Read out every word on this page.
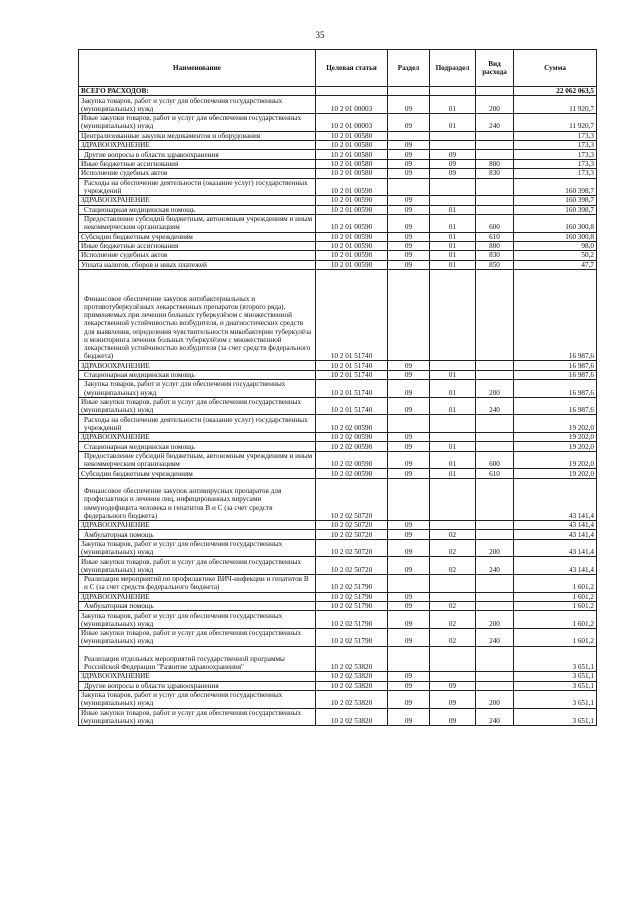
35
Наименование	Целевая статья	Раздел	Подраздел	Вид расхода	Сумма
ВСЕГО РАСХОДОВ:					22 062 063,5
Закупка товаров, работ и услуг для обеспечения государственных (муниципальных) нужд	10 2 01 00003	09	01	200	11 920,7
Иные закупки товаров, работ и услуг для обеспечения государственных (муниципальных) нужд	10 2 01 00003	09	01	240	11 920,7
Централизованные закупки медикаментов и оборудования	10 2 01 00580				173,3
ЗДРАВООХРАНЕНИЕ	10 2 01 00580	09			173,3
Другие вопросы в области здравоохранения	10 2 01 00580	09	09		173,3
Иные бюджетные ассигнования	10 2 01 00580	09	09	800	173,3
Исполнение судебных актов	10 2 01 00580	09	09	830	173,3
Расходы на обеспечение деятельности (оказание услуг) государственных учреждений	10 2 01 00590				160 398,7
ЗДРАВООХРАНЕНИЕ	10 2 01 00590	09			160 398,7
Стационарная медицинская помощь	10 2 01 00590	09	01		160 398,7
Предоставление субсидий бюджетным, автономным учреждениям и иным некоммерческим организациям	10 2 01 00590	09	01	600	160 300,8
Субсидии бюджетным учреждениям	10 2 01 00590	09	01	610	160 300,8
Иные бюджетные ассигнования	10 2 01 00590	09	01	800	98,0
Исполнение судебных актов	10 2 01 00590	09	01	830	50,2
Уплата налогов, сборов и иных платежей	10 2 01 00590	09	01	850	47,7
Финансовое обеспечение закупок антибактериальных и противотуберкулёзных лекарственных препаратов (второго ряда), применяемых при лечении больных туберкулёзом с множественной лекарственной устойчивостью возбудителя, и диагностических средств для выявления, определения чувствительности микобактерии туберкулёза и мониторинга лечения больных туберкулёзом с множественной лекарственной устойчивостью возбудителя (за счет средств федерального бюджета)	10 2 01 51740				16 987,6
ЗДРАВООХРАНЕНИЕ	10 2 01 51740	09			16 987,6
Стационарная медицинская помощь	10 2 01 51740	09	01		16 987,6
Закупка товаров, работ и услуг для обеспечения государственных (муниципальных) нужд	10 2 01 51740	09	01	200	16 987,6
Иные закупки товаров, работ и услуг для обеспечения государственных (муниципальных) нужд	10 2 01 51740	09	01	240	16 987,6
Расходы на обеспечение деятельности (оказание услуг) государственных учреждений	10 2 02 00590				19 202,0
ЗДРАВООХРАНЕНИЕ	10 2 02 00590	09			19 202,0
Стационарная медицинская помощь	10 2 02 00590	09	01		19 202,0
Предоставление субсидий бюджетным, автономным учреждениям и иным некоммерческим организациям	10 2 02 00590	09	01	600	19 202,0
Субсидии бюджетным учреждениям	10 2 02 00590	09	01	610	19 202,0
Финансовое обеспечение закупок антивирусных препаратов для профилактики и лечения лиц, инфицированных вирусами иммунодефицита человека и гепатитов В и С (за счет средств федерального бюджета)	10 2 02 50720				43 141,4
ЗДРАВООХРАНЕНИЕ	10 2 02 50720	09			43 141,4
Амбулаторная помощь	10 2 02 50720	09	02		43 141,4
Закупка товаров, работ и услуг для обеспечения государственных (муниципальных) нужд	10 2 02 50720	09	02	200	43 141,4
Иные закупки товаров, работ и услуг для обеспечения государственных (муниципальных) нужд	10 2 02 50720	09	02	240	43 141,4
Реализация мероприятий по профилактике ВИЧ-инфекции и гепатитов B и C (за счет средств федерального бюджета)	10 2 02 51790				1 601,2
ЗДРАВООХРАНЕНИЕ	10 2 02 51790	09			1 601,2
Амбулаторная помощь	10 2 02 51790	09	02		1 601,2
Закупка товаров, работ и услуг для обеспечения государственных (муниципальных) нужд	10 2 02 51790	09	02	200	1 601,2
Иные закупки товаров, работ и услуг для обеспечения государственных (муниципальных) нужд	10 2 02 51790	09	02	240	1 601,2
Реализация отдельных мероприятий государственной программы Российской Федерации "Развитие здравоохранения"	10 2 02 53820				3 651,1
ЗДРАВООХРАНЕНИЕ	10 2 02 53820	09			3 651,1
Другие вопросы в области здравоохранения	10 2 02 53820	09	09		3 651,1
Закупка товаров, работ и услуг для обеспечения государственных (муниципальных) нужд	10 2 02 53820	09	09	200	3 651,1
Иные закупки товаров, работ и услуг для обеспечения государственных (муниципальных) нужд	10 2 02 53820	09	09	240	3 651,1
